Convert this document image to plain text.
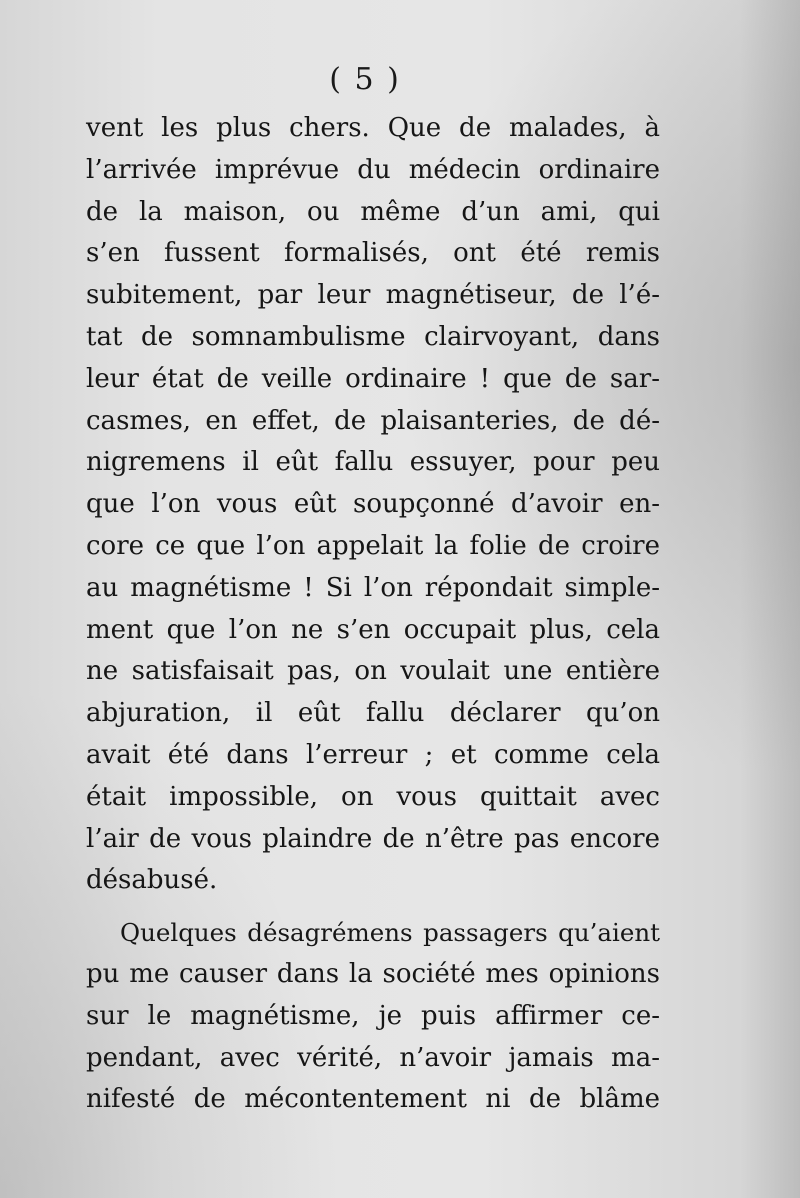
( 5 )
vent les plus chers. Que de malades, à
l’arrivée imprévue du médecin ordinaire
de la maison, ou même d’un ami, qui
s’en fussent formalisés, ont été remis
subitement, par leur magnétiseur, de l’é-
tat de somnambulisme clairvoyant, dans
leur état de veille ordinaire ! que de sar-
casmes, en effet, de plaisanteries, de dé-
nigremens il eût fallu essuyer, pour peu
que l’on vous eût soupçonné d’avoir en-
core ce que l’on appelait la folie de croire
au magnétisme ! Si l’on répondait simple-
ment que l’on ne s’en occupait plus, cela
ne satisfaisait pas, on voulait une entière
abjuration, il eût fallu déclarer qu’on
avait été dans l’erreur ; et comme cela
était impossible, on vous quittait avec
l’air de vous plaindre de n’être pas encore
désabusé.
Quelques désagrémens passagers qu’aient
pu me causer dans la société mes opinions
sur le magnétisme, je puis affirmer ce-
pendant, avec vérité, n’avoir jamais ma-
nifesté de mécontentement ni de blâme
